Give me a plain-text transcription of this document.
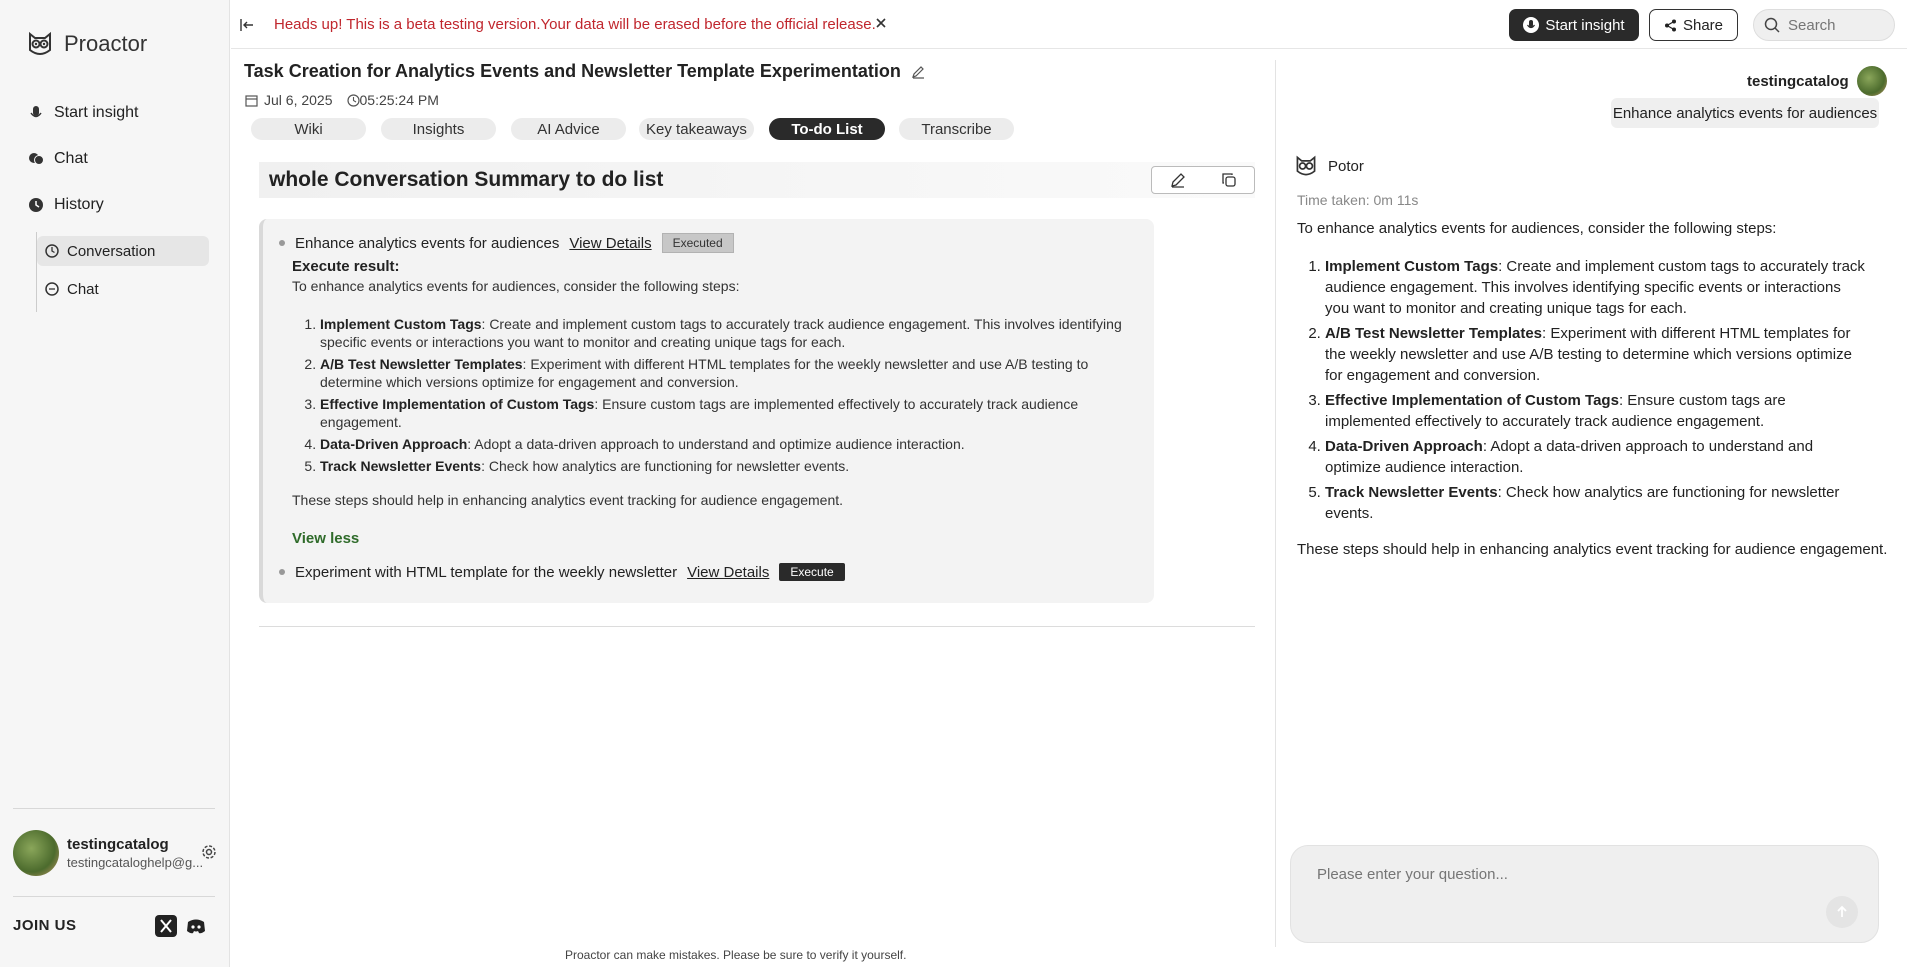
Proactor
Start insight
Chat
History
Conversation
Chat
testingcatalog
testingcataloghelp@g...
JOIN US
Heads up! This is a beta testing version.Your data will be erased before the official release.	Start insight	Share
Search
Task Creation for Analytics Events and Newsletter Template Experimentation
Jul 6, 2025 05:25:24 PM
Wiki	Insights	AI Advice	Key takeaways	To-do List	Transcribe
whole Conversation Summary to do list
Enhance analytics events for audiences View Details	Executed
Execute result:
To enhance analytics events for audiences, consider the following steps:
1. Implement Custom Tags: Create and implement custom tags to accurately track audience engagement. This involves identifying specific events or interactions you want to monitor and creating unique tags for each.
2. A/B Test Newsletter Templates: Experiment with different HTML templates for the weekly newsletter and use A/B testing to determine which versions optimize for engagement and conversion.
3. Effective Implementation of Custom Tags: Ensure custom tags are implemented effectively to accurately track audience engagement.
4. Data-Driven Approach: Adopt a data-driven approach to understand and optimize audience interaction.
5. Track Newsletter Events: Check how analytics are functioning for newsletter events.
These steps should help in enhancing analytics event tracking for audience engagement.
View less
Experiment with HTML template for the weekly newsletter View Details	Execute
Proactor can make mistakes. Please be sure to verify it yourself.
testingcatalog
Enhance analytics events for audiences
Potor
Time taken: 0m 11s
To enhance analytics events for audiences, consider the following steps:
1. Implement Custom Tags: Create and implement custom tags to accurately track audience engagement. This involves identifying specific events or interactions you want to monitor and creating unique tags for each.
2. A/B Test Newsletter Templates: Experiment with different HTML templates for the weekly newsletter and use A/B testing to determine which versions optimize for engagement and conversion.
3. Effective Implementation of Custom Tags: Ensure custom tags are implemented effectively to accurately track audience engagement.
4. Data-Driven Approach: Adopt a data-driven approach to understand and optimize audience interaction.
5. Track Newsletter Events: Check how analytics are functioning for newsletter events.
These steps should help in enhancing analytics event tracking for audience engagement.
Please enter your question...
